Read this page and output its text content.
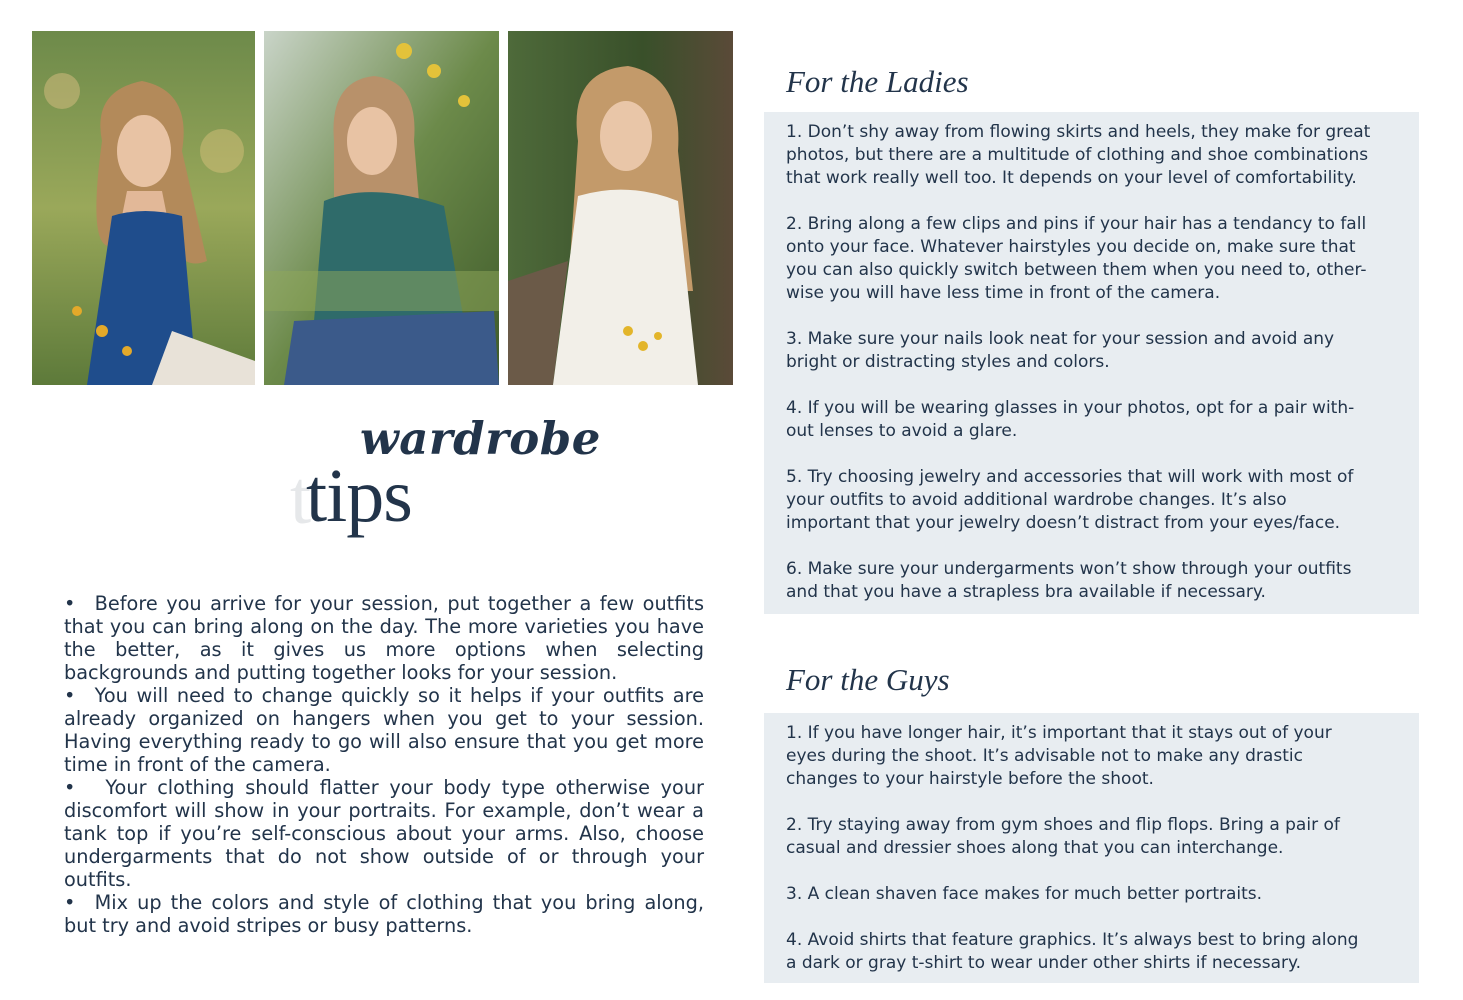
wardrobe
t
tips

• Before you arrive for your session, put together a few outfits that you can bring along on the day. The more varieties you have the better, as it gives us more options when selecting backgrounds and putting together looks for your session.

• You will need to change quickly so it helps if your outfits are already organized on hangers when you get to your session. Having everything ready to go will also ensure that you get more time in front of the camera.

•  Your clothing should flatter your body type otherwise your discomfort will show in your portraits. For example, don’t wear a tank top if you’re self-conscious about your arms. Also, choose undergarments that do not show outside of or through your outfits.

• Mix up the colors and style of clothing that you bring along, but try and avoid stripes or busy patterns.

For the Ladies

1. Don’t shy away from flowing skirts and heels, they make for great
photos, but there are a multitude of clothing and shoe combinations
that work really well too. It depends on your level of comfortability.

2. Bring along a few clips and pins if your hair has a tendancy to fall
onto your face. Whatever hairstyles you decide on, make sure that
you can also quickly switch between them when you need to, other-
wise you will have less time in front of the camera.

3. Make sure your nails look neat for your session and avoid any
bright or distracting styles and colors.

4. If you will be wearing glasses in your photos, opt for a pair with-
out lenses to avoid a glare.

5. Try choosing jewelry and accessories that will work with most of
your outfits to avoid additional wardrobe changes. It’s also
important that your jewelry doesn’t distract from your eyes/face.

6. Make sure your undergarments won’t show through your outfits
and that you have a strapless bra available if necessary.

For the Guys

1. If you have longer hair, it’s important that it stays out of your
eyes during the shoot. It’s advisable not to make any drastic
changes to your hairstyle before the shoot.

2. Try staying away from gym shoes and flip flops. Bring a pair of
casual and dressier shoes along that you can interchange.

3. A clean shaven face makes for much better portraits.

4. Avoid shirts that feature graphics. It’s always best to bring along
a dark or gray t-shirt to wear under other shirts if necessary.
